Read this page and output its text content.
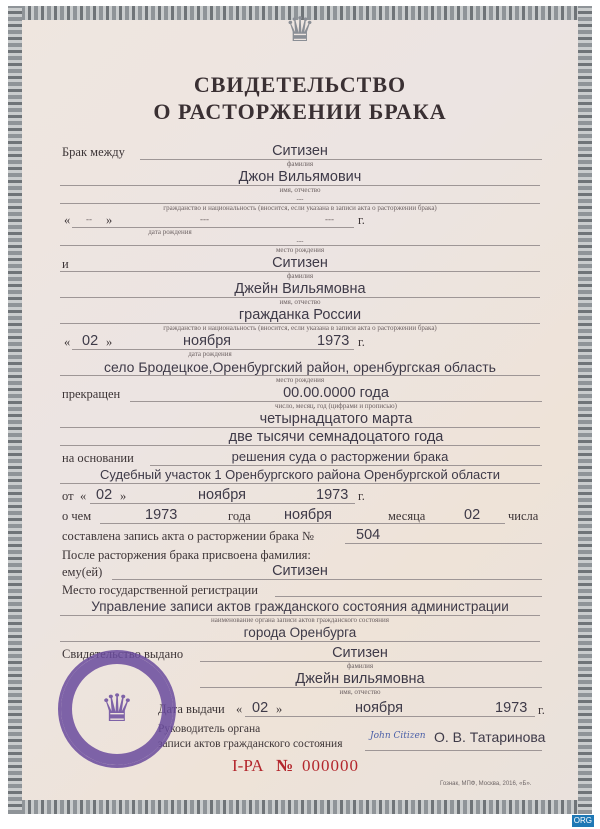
♛
СВИДЕТЕЛЬСТВО
О РАСТОРЖЕНИИ БРАКА
Брак между	Ситизен
фамилия
Джон Вильямович
имя, отчество
---
гражданство и национальность (вносится, если указана в записи акта о расторжении брака)
« -- »	---	--- г.
дата рождения
---
место рождения
и	Ситизен
фамилия
Джейн Вильямовна
имя, отчество
гражданка России
гражданство и национальность (вносится, если указана в записи акта о расторжении брака)
« 02 »	ноября	1973 г.
дата рождения
село Бродецкое,Оренбургский район, оренбургская область
место рождения
прекращен	00.00.0000 года
число, месяц, год (цифрами и прописью)
четырнадцатого марта
две тысячи семнадоцатого года
на основании	решения суда о расторжении брака
Судебный участок 1 Оренбургского района Оренбургской области
от « 02 »	ноября	1973 г.
о чем	1973	года ноября	месяца	02 числа
составлена запись акта о расторжении брака №	504
После расторжения брака присвоена фамилия:
ему(ей)	Ситизен
Место государственной регистрации
Управление записи актов гражданского состояния администрации
наименование органа записи актов гражданского состояния
города Оренбурга
Свидетельство выдано	Ситизен
фамилия
Джейн вильямовна
имя, отчество
Дата выдачи « 02 »	ноября	1973 г.
Руководитель органа
записи актов гражданского состояния
John Citizen О. В. Татаринова
I-PA № 000000
Гознак, МПФ, Москва, 2016, «Б».
♛
ORG
